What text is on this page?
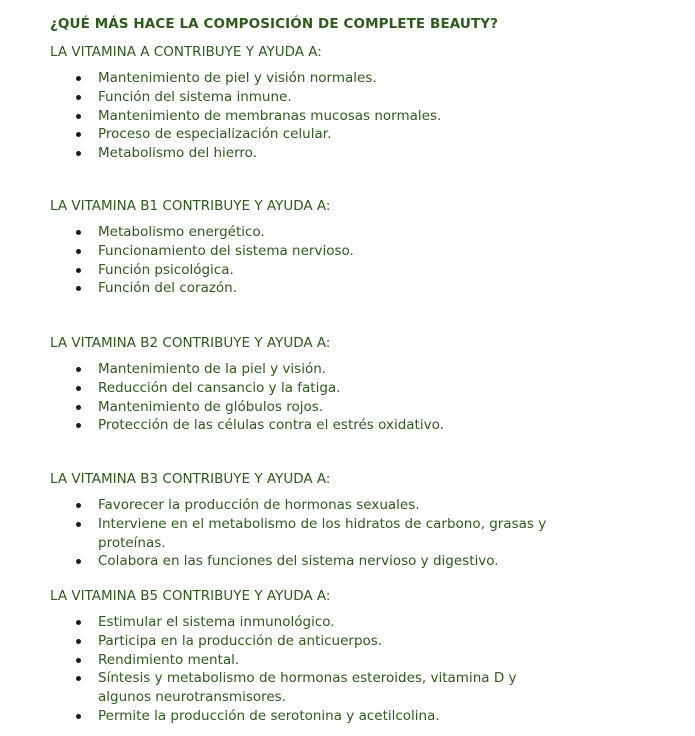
¿QUÉ MÁS HACE LA COMPOSICIÓN DE COMPLETE BEAUTY?
LA VITAMINA A CONTRIBUYE Y AYUDA A:
Mantenimiento de piel y visión normales.
Función del sistema inmune.
Mantenimiento de membranas mucosas normales.
Proceso de especialización celular.
Metabolismo del hierro.
LA VITAMINA B1 CONTRIBUYE Y AYUDA A:
Metabolismo energético.
Funcionamiento del sistema nervioso.
Función psicológica.
Función del corazón.
LA VITAMINA B2 CONTRIBUYE Y AYUDA A:
Mantenimiento de la piel y visión.
Reducción del cansancio y la fatiga.
Mantenimiento de glóbulos rojos.
Protección de las células contra el estrés oxidativo.
LA VITAMINA B3 CONTRIBUYE Y AYUDA A:
Favorecer la producción de hormonas sexuales.
Interviene en el metabolismo de los hidratos de carbono, grasas y proteínas.
Colabora en las funciones del sistema nervioso y digestivo.
LA VITAMINA B5 CONTRIBUYE Y AYUDA A:
Estimular el sistema inmunológico.
Participa en la producción de anticuerpos.
Rendimiento mental.
Síntesis y metabolismo de hormonas esteroides, vitamina D y algunos neurotransmisores.
Permite la producción de serotonina y acetilcolina.
